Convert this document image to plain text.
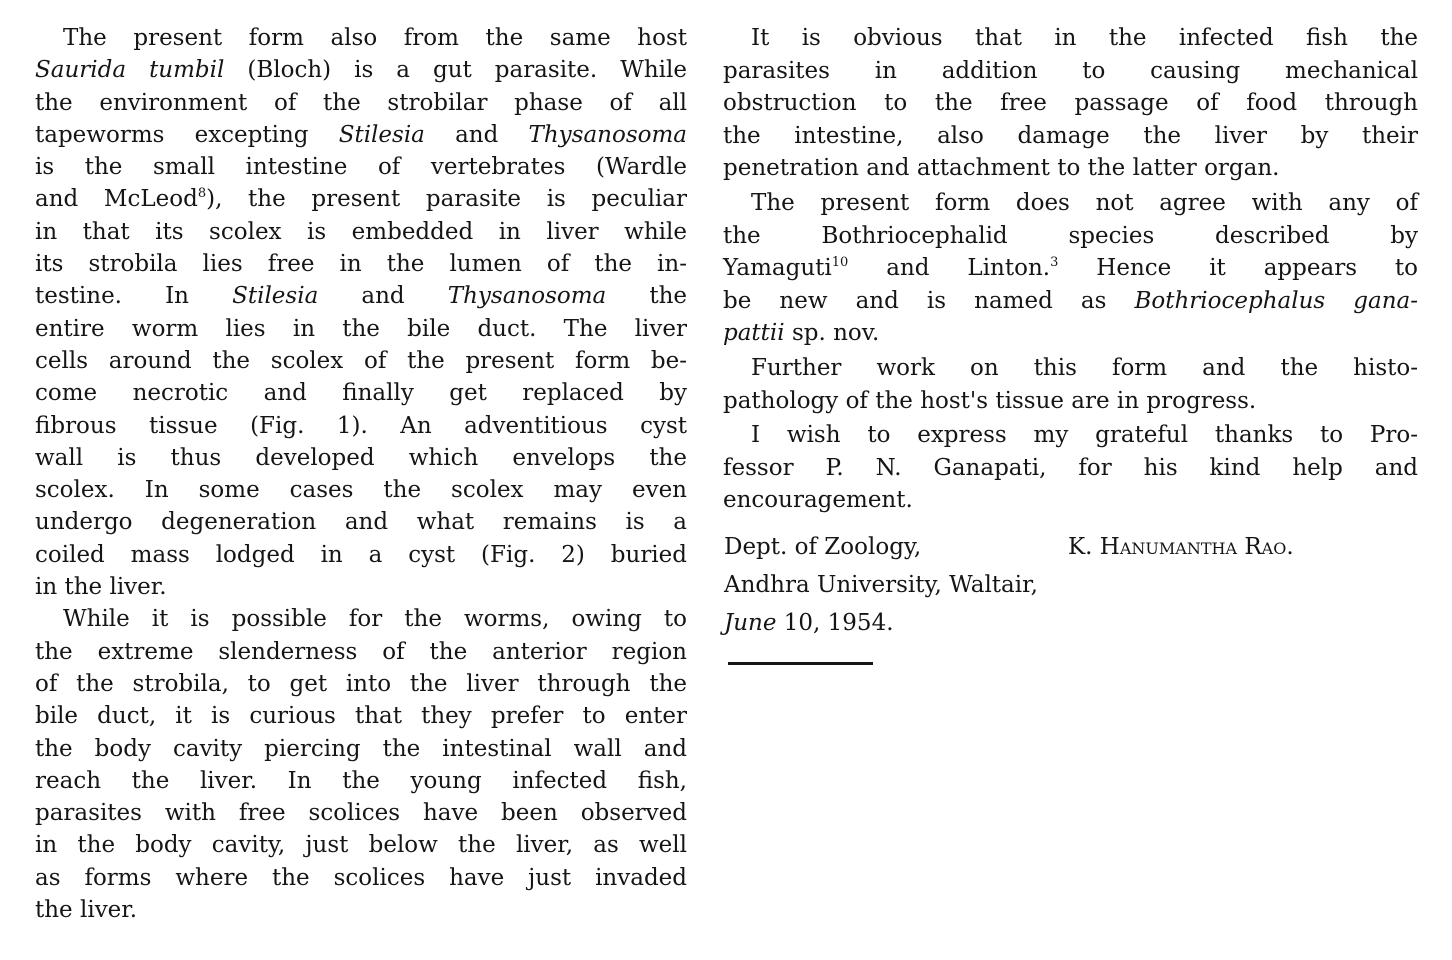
The present form also from the same host
Saurida tumbil (Bloch) is a gut parasite. While
the environment of the strobilar phase of all
tapeworms excepting Stilesia and Thysanosoma
is the small intestine of vertebrates (Wardle
and McLeod$^8$), the present parasite is peculiar
in that its scolex is embedded in liver while
its strobila lies free in the lumen of the in-
testine. In Stilesia and Thysanosoma the
entire worm lies in the bile duct. The liver
cells around the scolex of the present form be-
come necrotic and finally get replaced by
fibrous tissue (Fig. 1). An adventitious cyst
wall is thus developed which envelops the
scolex. In some cases the scolex may even
undergo degeneration and what remains is a
coiled mass lodged in a cyst (Fig. 2) buried
in the liver.
While it is possible for the worms, owing to
the extreme slenderness of the anterior region
of the strobila, to get into the liver through the
bile duct, it is curious that they prefer to enter
the body cavity piercing the intestinal wall and
reach the liver. In the young infected fish,
parasites with free scolices have been observed
in the body cavity, just below the liver, as well
as forms where the scolices have just invaded
the liver.
It is obvious that in the infected fish the
parasites in addition to causing mechanical
obstruction to the free passage of food through
the intestine, also damage the liver by their
penetration and attachment to the latter organ.
The present form does not agree with any of
the Bothriocephalid species described by
Yamaguti$^{10}$ and Linton.$^3$ Hence it appears to
be new and is named as Bothriocephalus gana-
pattii sp. nov.
Further work on this form and the histo-
pathology of the host's tissue are in progress.
I wish to express my grateful thanks to Pro-
fessor P. N. Ganapati, for his kind help and
encouragement.
Dept. of Zoology,	K. Hanumantha Rao.
Andhra University, Waltair,
June 10, 1954.
